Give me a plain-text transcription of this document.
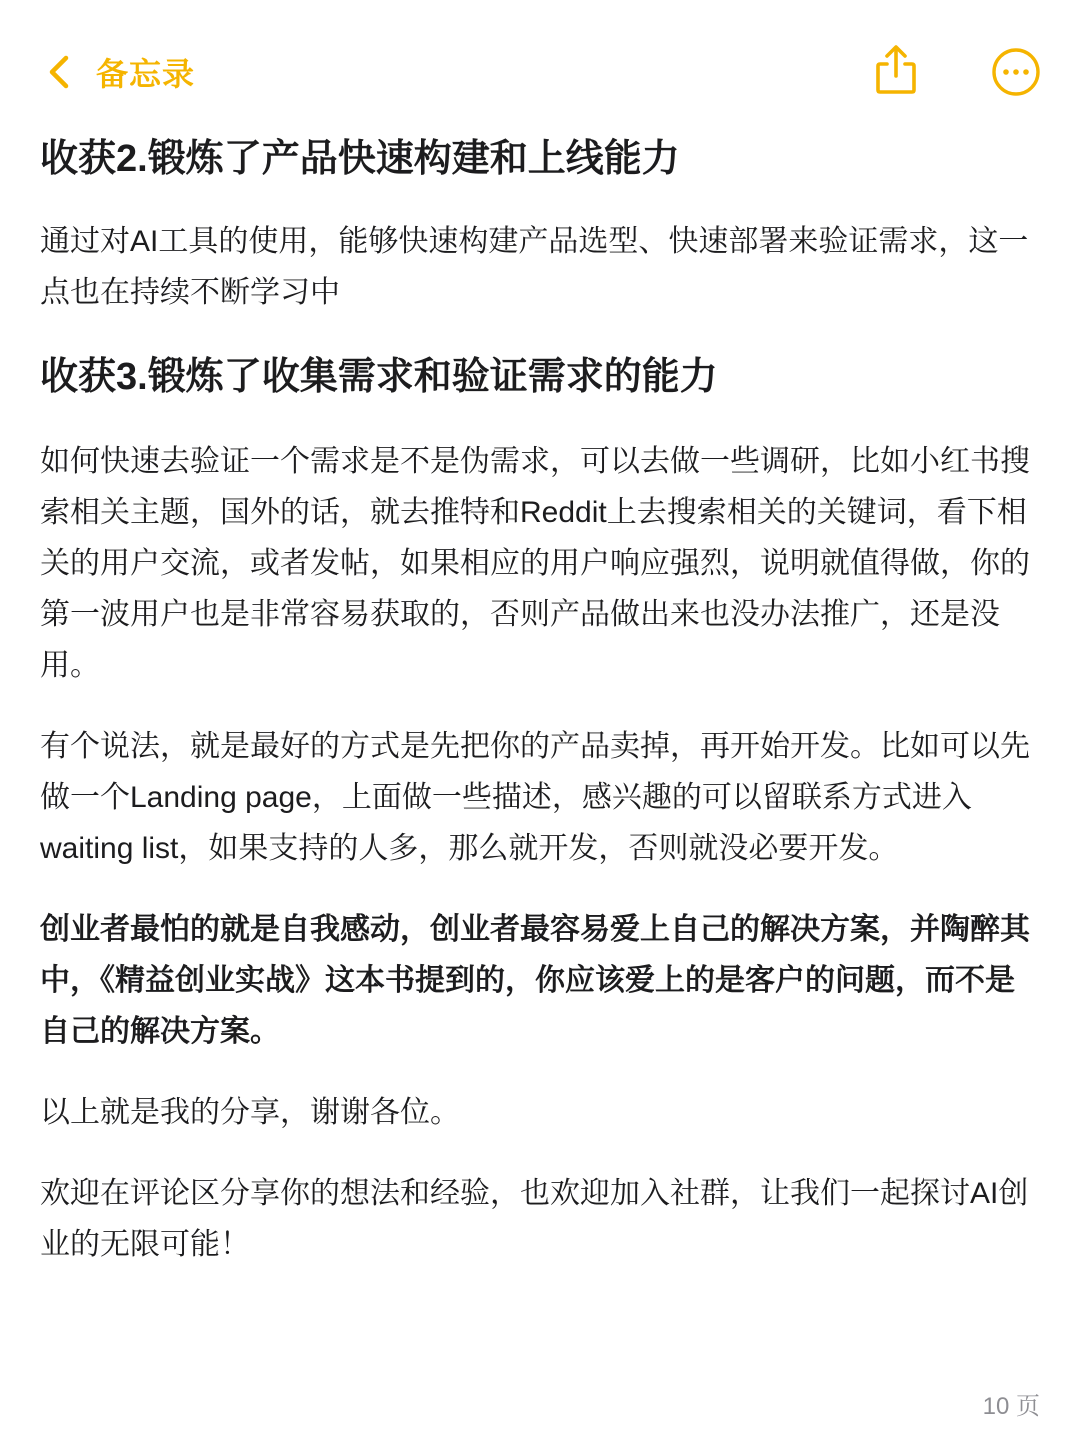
备忘录
收获2.锻炼了产品快速构建和上线能力

通过对AI工具的使用，能够快速构建产品选型、快速部署来验证需求，这一点也在持续不断学习中

收获3.锻炼了收集需求和验证需求的能力

如何快速去验证一个需求是不是伪需求，可以去做一些调研，比如小红书搜索相关主题，国外的话，就去推特和Reddit上去搜索相关的关键词，看下相关的用户交流，或者发帖，如果相应的用户响应强烈，说明就值得做，你的第一波用户也是非常容易获取的，否则产品做出来也没办法推广，还是没用。

有个说法，就是最好的方式是先把你的产品卖掉，再开始开发。比如可以先做一个Landing page，上面做一些描述，感兴趣的可以留联系方式进入waiting list，如果支持的人多，那么就开发，否则就没必要开发。

创业者最怕的就是自我感动，创业者最容易爱上自己的解决方案，并陶醉其中，《精益创业实战》这本书提到的，你应该爱上的是客户的问题，而不是自己的解决方案。

以上就是我的分享，谢谢各位。

欢迎在评论区分享你的想法和经验，也欢迎加入社群，让我们一起探讨AI创业的无限可能！

10 页
